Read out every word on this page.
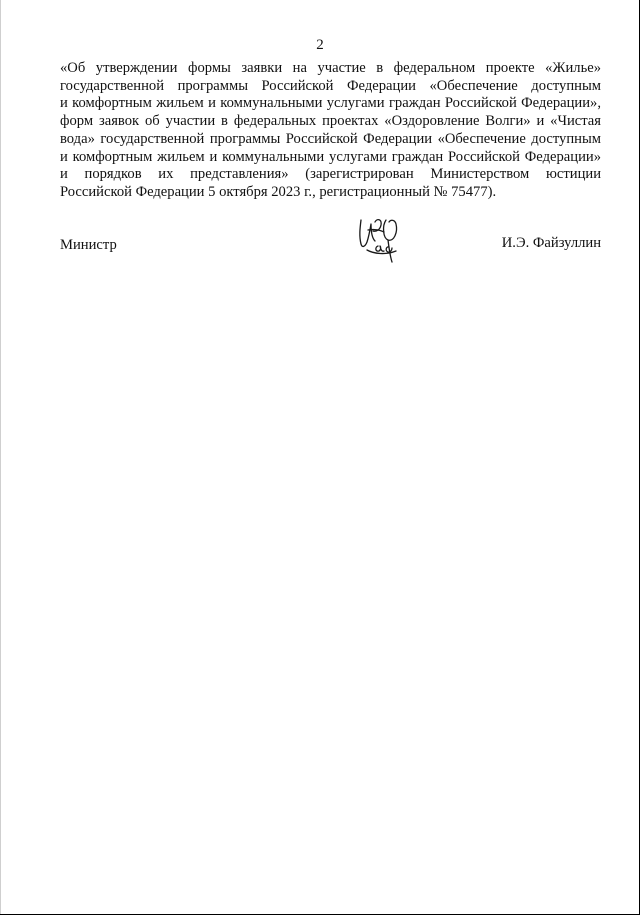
2
«Об утверждении формы заявки на участие в федеральном проекте «Жилье»
государственной программы Российской Федерации «Обеспечение доступным
и комфортным жильем и коммунальными услугами граждан Российской Федерации»,
форм заявок об участии в федеральных проектах «Оздоровление Волги» и «Чистая
вода» государственной программы Российской Федерации «Обеспечение доступным
и комфортным жильем и коммунальными услугами граждан Российской Федерации»
и порядков их представления» (зарегистрирован Министерством юстиции
Российской Федерации 5 октября 2023 г., регистрационный № 75477).
Министр	И.Э. Файзуллин
